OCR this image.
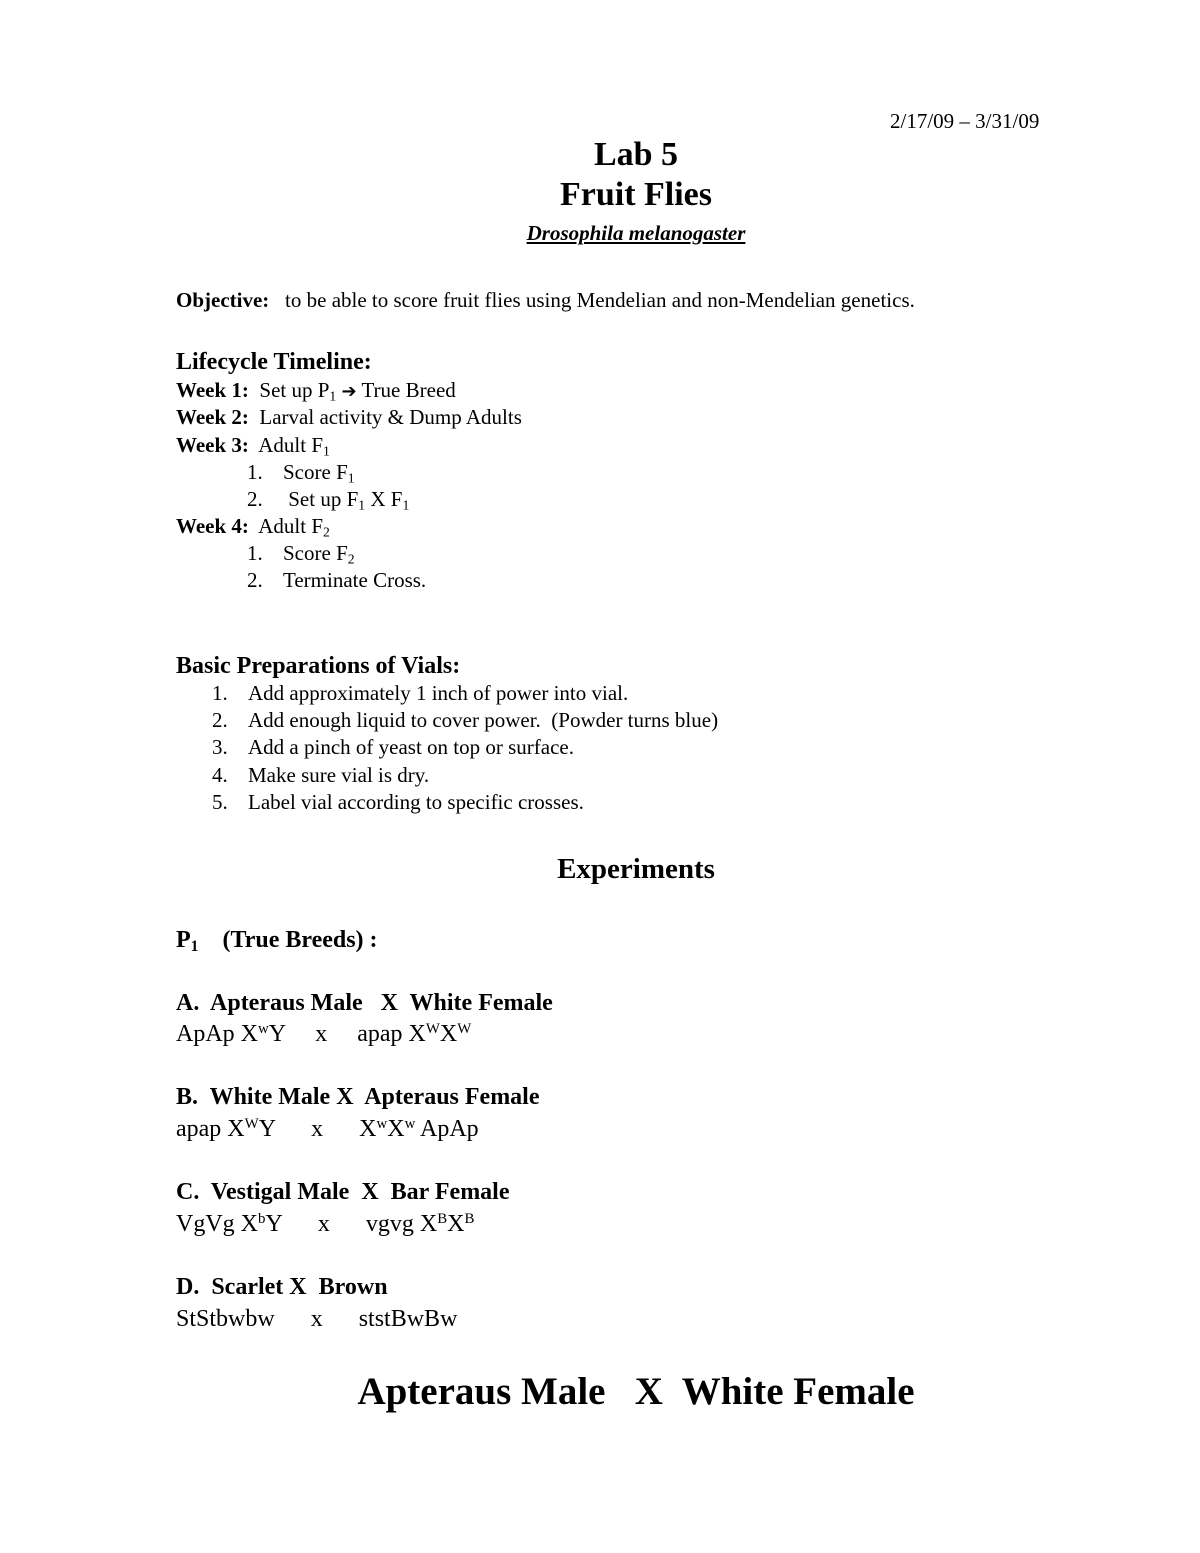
2/17/09 – 3/31/09
Lab 5
Fruit Flies
Drosophila melanogaster
Objective: to be able to score fruit flies using Mendelian and non-Mendelian genetics.
Lifecycle Timeline:
Week 1: Set up $P_1$ ➔ True Breed
Week 2: Larval activity & Dump Adults
Week 3: Adult $F_1$
1. Score $F_1$
2. Set up $F_1$ X $F_1$
Week 4: Adult $F_2$
1. Score $F_2$
2. Terminate Cross.
Basic Preparations of Vials:
1. Add approximately 1 inch of power into vial.
2. Add enough liquid to cover power.  (Powder turns blue)
3. Add a pinch of yeast on top or surface.
4. Make sure vial is dry.
5. Label vial according to specific crosses.
Experiments
$P_1$ (True Breeds) :
A.  Apteraus Male   X  White Female
ApAp $X^wY$ x apap $X^WX^W$
B.  White Male X  Apteraus Female
apap $X^WY$ x $X^wX^w$ ApAp
C.  Vestigal Male  X  Bar Female
VgVg $X^bY$ x vgvg $X^BX^B$
D.  Scarlet X  Brown
StStbwbw x ststBwBw
Apteraus Male   X  White Female
